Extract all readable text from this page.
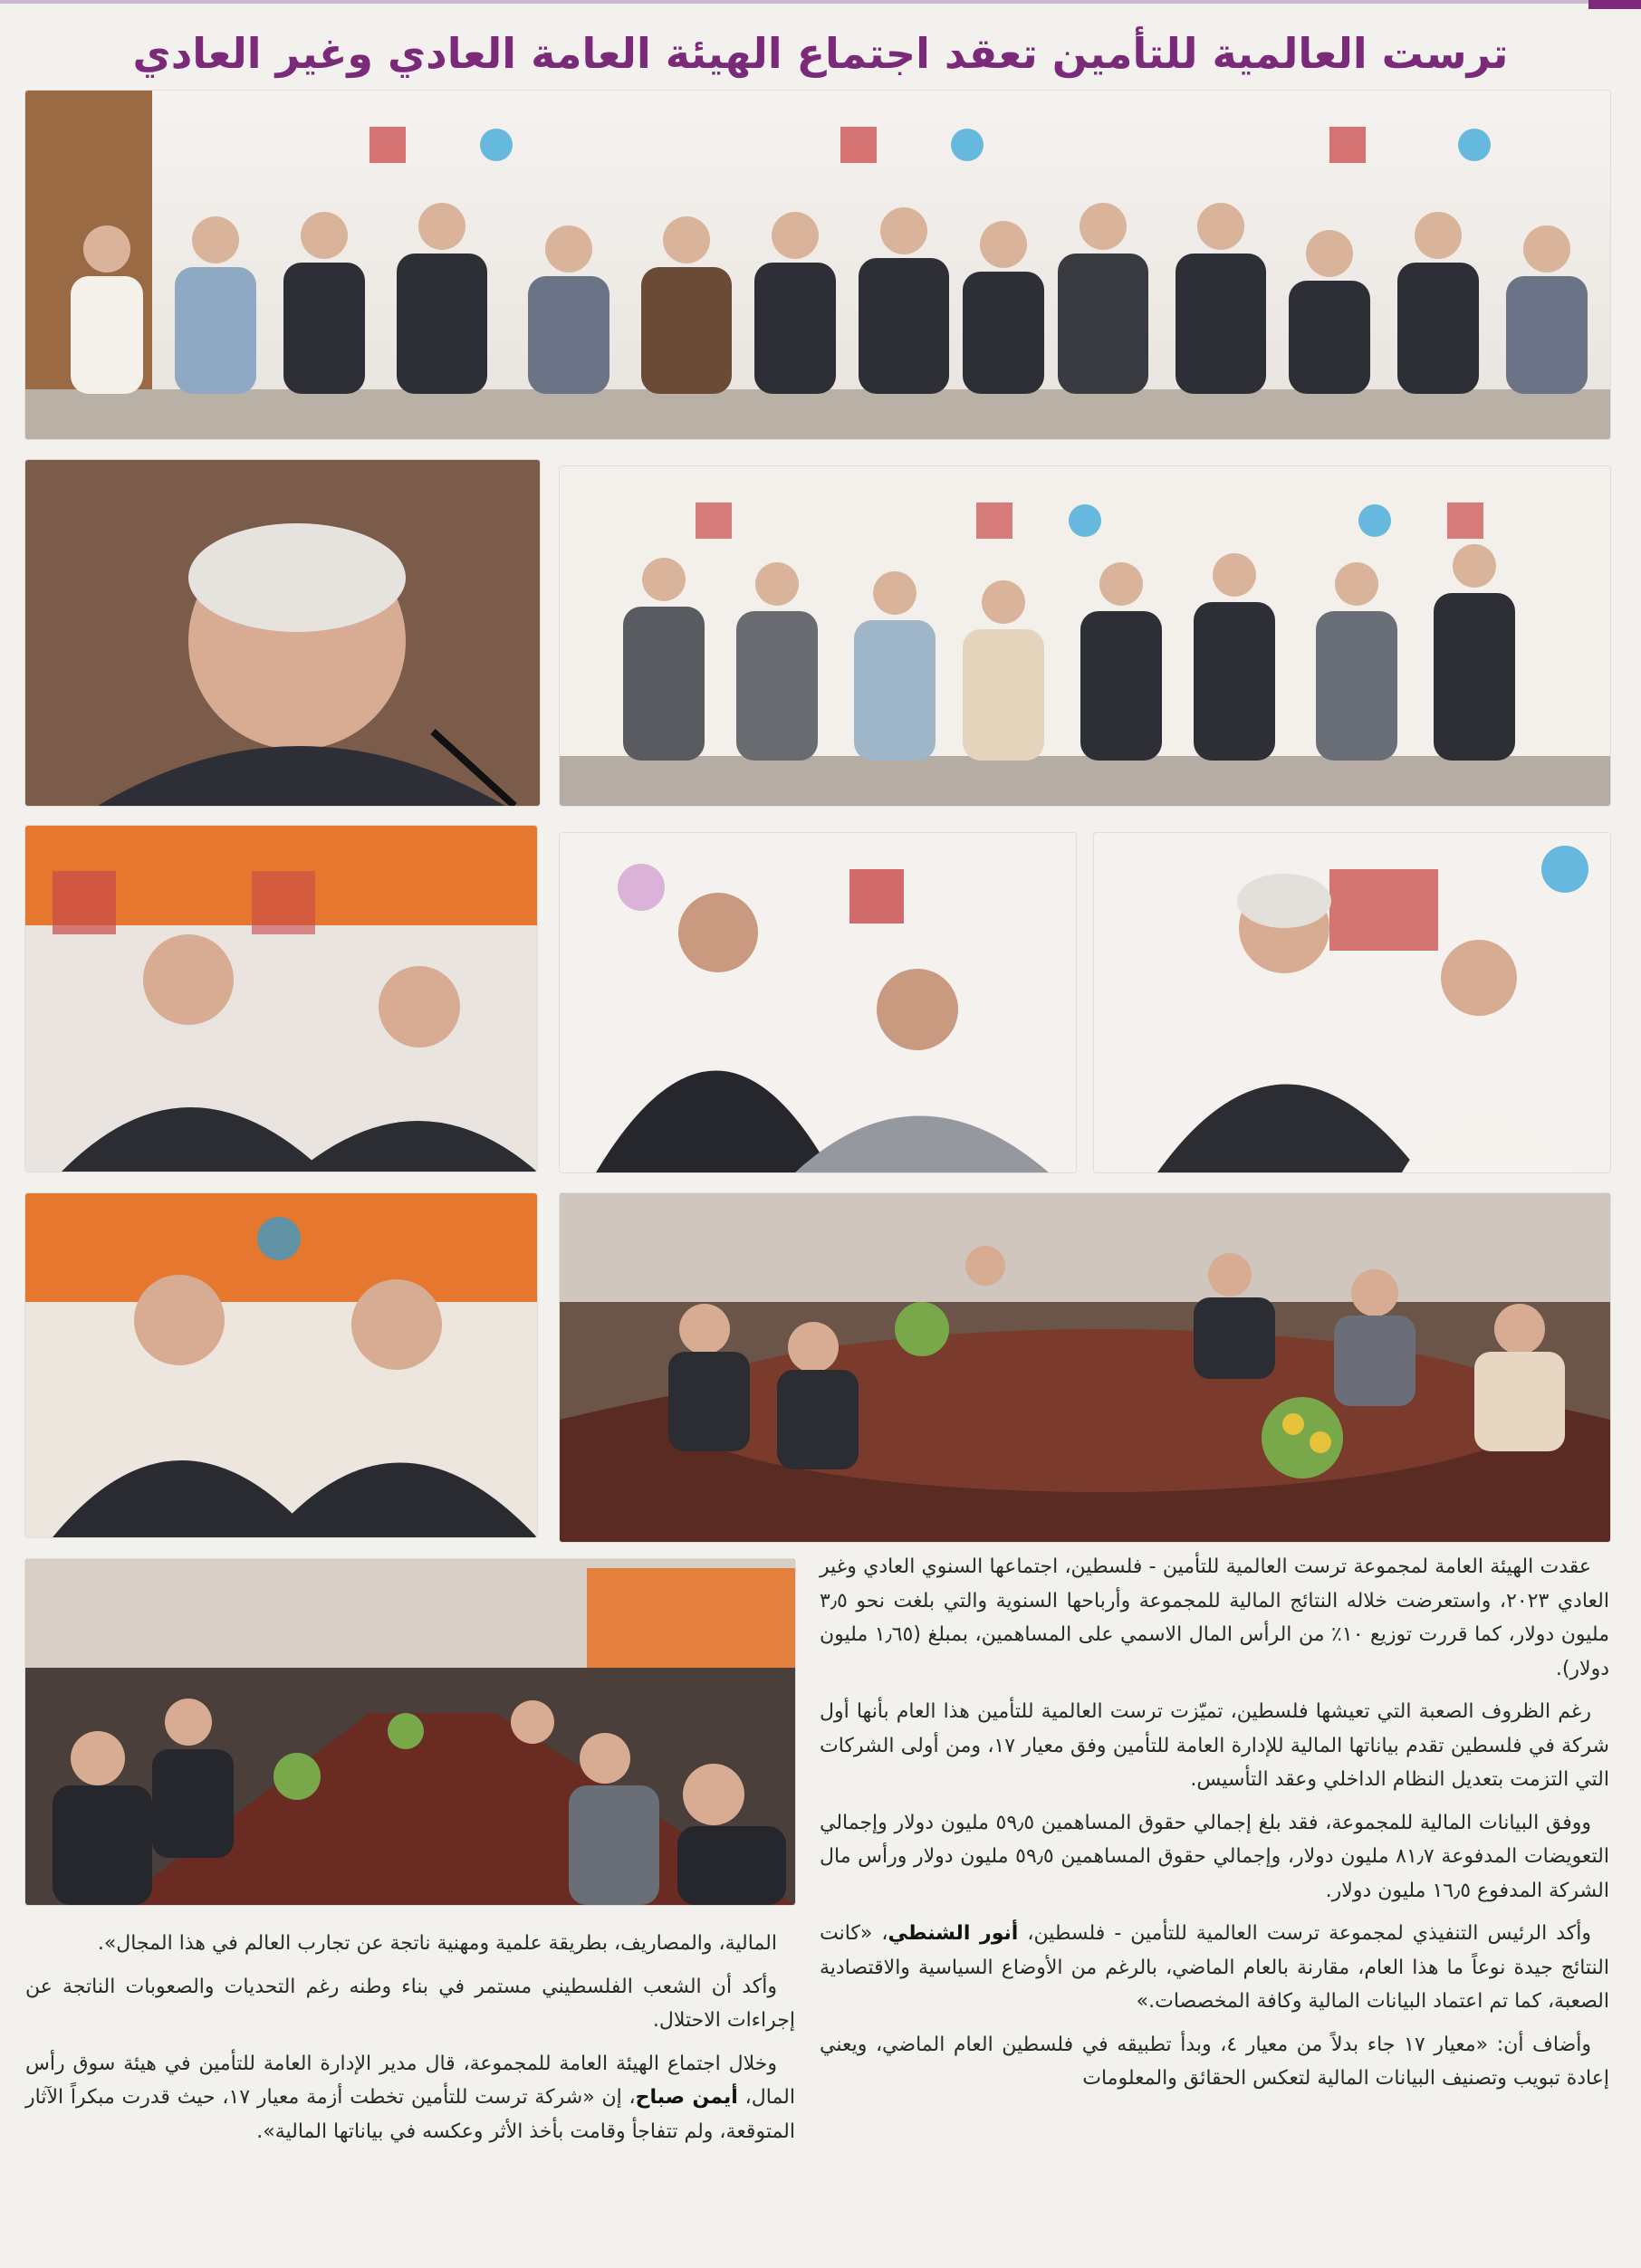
ترست العالمية للتأمين تعقد اجتماع الهيئة العامة العادي وغير العادي

عقدت الهيئة العامة لمجموعة ترست العالمية للتأمين - فلسطين، اجتماعها السنوي العادي وغير العادي ٢٠٢٣، واستعرضت خلاله النتائج المالية للمجموعة وأرباحها السنوية والتي بلغت نحو ٣٫٥ مليون دولار، كما قررت توزيع ١٠٪ من الرأس المال الاسمي على المساهمين، بمبلغ (١٫٦٥ مليون دولار).

رغم الظروف الصعبة التي تعيشها فلسطين، تميّزت ترست العالمية للتأمين هذا العام بأنها أول شركة في فلسطين تقدم بياناتها المالية للإدارة العامة للتأمين وفق معيار ١٧، ومن أولى الشركات التي التزمت بتعديل النظام الداخلي وعقد التأسيس.

ووفق البيانات المالية للمجموعة، فقد بلغ إجمالي حقوق المساهمين ٥٩٫٥ مليون دولار وإجمالي التعويضات المدفوعة ٨١٫٧ مليون دولار، وإجمالي حقوق المساهمين ٥٩٫٥ مليون دولار ورأس مال الشركة المدفوع ١٦٫٥ مليون دولار.

وأكد الرئيس التنفيذي لمجموعة ترست العالمية للتأمين - فلسطين، أنور الشنطي، «كانت النتائج جيدة نوعاً ما هذا العام، مقارنة بالعام الماضي، بالرغم من الأوضاع السياسية والاقتصادية الصعبة، كما تم اعتماد البيانات المالية وكافة المخصصات.»

وأضاف أن: «معيار ١٧ جاء بدلاً من معيار ٤، وبدأ تطبيقه في فلسطين العام الماضي، ويعني إعادة تبويب وتصنيف البيانات المالية لتعكس الحقائق والمعلومات

المالية، والمصاريف، بطريقة علمية ومهنية ناتجة عن تجارب العالم في هذا المجال».

وأكد أن الشعب الفلسطيني مستمر في بناء وطنه رغم التحديات والصعوبات الناتجة عن إجراءات الاحتلال.

وخلال اجتماع الهيئة العامة للمجموعة، قال مدير الإدارة العامة للتأمين في هيئة سوق رأس المال، أيمن صباح، إن «شركة ترست للتأمين تخطت أزمة معيار ١٧، حيث قدرت مبكراً الآثار المتوقعة، ولم تتفاجأ وقامت بأخذ الأثر وعكسه في بياناتها المالية».
